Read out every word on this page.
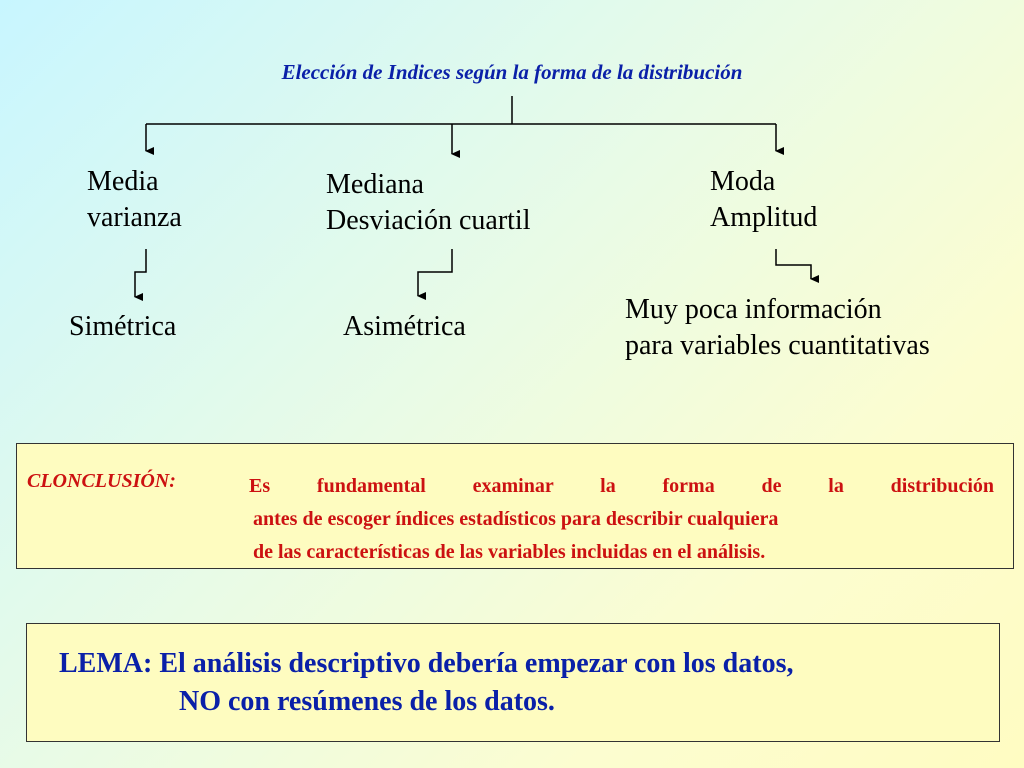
Elección de Indices según la forma de la distribución
Media
varianza
Mediana
Desviación cuartil
Moda
Amplitud
Simétrica	Asimétrica
Muy poca información
para variables cuantitativas
CLONCLUSIÓN:	Es fundamental examinar la forma de la distribución
antes de escoger índices estadísticos para describir cualquiera
de las características de las variables incluidas en el análisis.
LEMA: El análisis descriptivo debería empezar con los datos,
NO con resúmenes de los datos.
